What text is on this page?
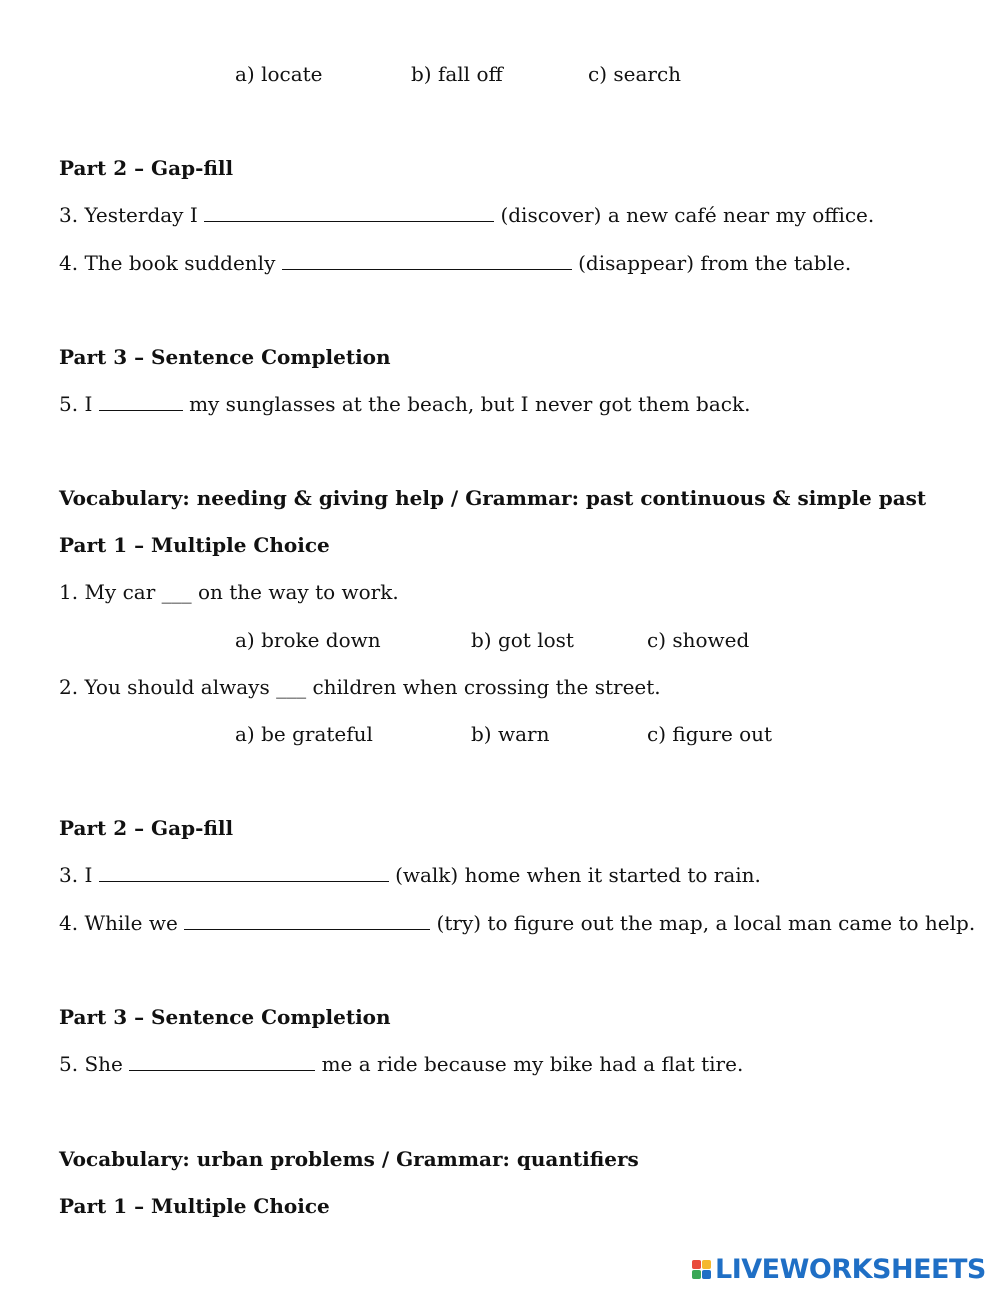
a) locate	b) fall off	c) search
Part 2 – Gap-fill
3. Yesterday I	(discover) a new café near my office.
4. The book suddenly	(disappear) from the table.
Part 3 – Sentence Completion
5. I	my sunglasses at the beach, but I never got them back.
Vocabulary: needing & giving help / Grammar: past continuous & simple past
Part 1 – Multiple Choice
1. My car ___ on the way to work.
a) broke down	b) got lost	c) showed
2. You should always ___ children when crossing the street.
a) be grateful	b) warn	c) figure out
Part 2 – Gap-fill
3. I	(walk) home when it started to rain.
4. While we	(try) to figure out the map, a local man came to help.
Part 3 – Sentence Completion
5. She	me a ride because my bike had a flat tire.
Vocabulary: urban problems / Grammar: quantifiers
Part 1 – Multiple Choice
LIVEWORKSHEETS
